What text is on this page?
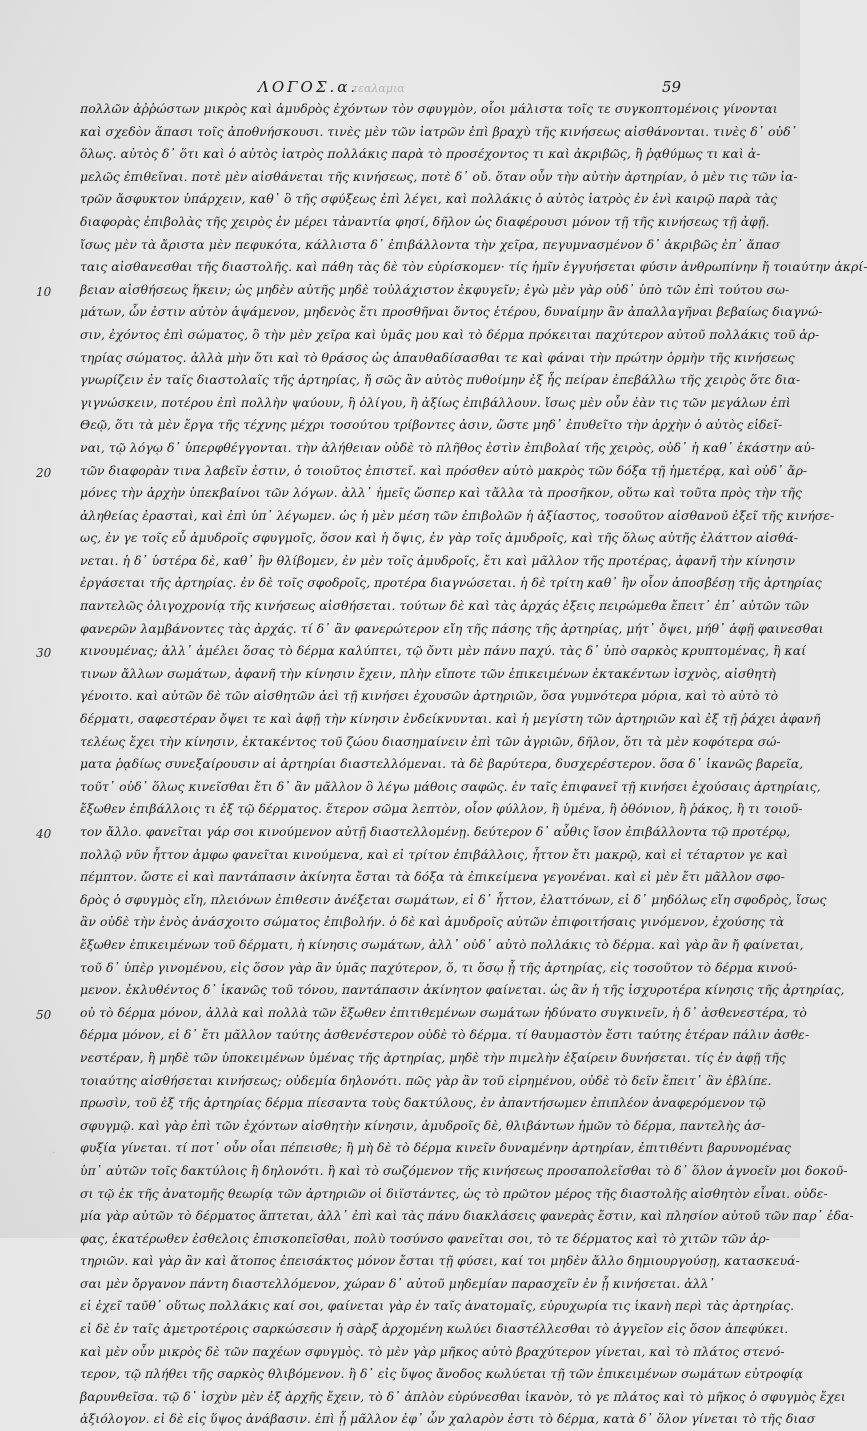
ΛΟΓΟΣ.α.
τεαλαμια	59
10
20
30
40
50
πολλῶν ἀῤῥώστων μικρὸς καὶ ἀμυδρὸς ἐχόντων τὸν σφυγμὸν, οἷοι μάλιστα τοῖς τε συγκοπτομένοις γίνονται
καὶ σχεδὸν ἅπασι τοῖς ἀποθνήσκουσι. τινὲς μὲν τῶν ἰατρῶν ἐπὶ βραχὺ τῆς κινήσεως αἰσθάνονται. τινὲς δ᾽ οὐδ᾽
ὅλως. αὐτὸς δ᾽ ὅτι καὶ ὁ αὐτὸς ἰατρὸς πολλάκις παρὰ τὸ προσέχοντος τι καὶ ἀκριβῶς, ἢ ῥᾳθύμως τι καὶ ἀ-
μελῶς ἐπιθεῖναι. ποτὲ μὲν αἰσθάνεται τῆς κινήσεως, ποτὲ δ᾽ οὔ. ὅταν οὖν τὴν αὐτὴν ἀρτηρίαν, ὁ μὲν τις τῶν ἰα-
τρῶν ἄσφυκτον ὑπάρχειν, καθ᾽ ὃ τῆς σφύξεως ἐπὶ λέγει, καὶ πολλάκις ὁ αὐτὸς ἰατρὸς ἐν ἑνὶ καιρῷ παρὰ τὰς
διαφορὰς ἐπιβολὰς τῆς χειρὸς ἐν μέρει τἀναντία φησί, δῆλον ὡς διαφέρουσι μόνον τῇ τῆς κινήσεως τῇ ἀφῇ.
ἴσως μὲν τὰ ἄριστα μὲν πεφυκότα, κάλλιστα δ᾽ ἐπιβάλλοντα τὴν χεῖρα, πεγυμνασμένον δ᾽ ἀκριβῶς ἐπ᾽ ἄπασ
ταις αἰσθανεσθαι τῆς διαστολῆς. καὶ πάθη τὰς δὲ τὸν εὑρίσκομεν· τίς ἡμῖν ἐγγυήσεται φύσιν ἀνθρωπίνην ἤ τοιαύτην ἀκρί-
βειαν αἰσθήσεως ἥκειν; ὡς μηδὲν αὐτῆς μηδὲ τοὐλάχιστον ἐκφυγεῖν; ἐγὼ μὲν γὰρ οὐδ᾽ ὑπὸ τῶν ἐπὶ τούτου σω-
μάτων, ὧν ἐστιν αὐτὸν ἁψάμενον, μηδενὸς ἔτι προσθῆναι ὄντος ἑτέρου, δυναίμην ἂν ἀπαλλαγῆναι βεβαίως διαγνώ-
σιν, ἐχόντος ἐπὶ σώματος, ὃ τὴν μὲν χεῖρα καὶ ὑμᾶς μου καὶ τὸ δέρμα πρόκειται παχύτερον αὐτοῦ πολλάκις τοῦ ἀρ-
τηρίας σώματος. ἀλλὰ μὴν ὅτι καὶ τὸ θράσος ὡς ἀπαυθαδίσασθαι τε καὶ φάναι τὴν πρώτην ὁρμὴν τῆς κινήσεως
γνωρίζειν ἐν ταῖς διαστολαῖς τῆς ἀρτηρίας, ἤ σῶς ἂν αὐτὸς πυθοίμην ἐξ ἧς πείραν ἐπεβάλλω τῆς χειρὸς ὅτε δια-
γιγνώσκειν, ποτέρου ἐπὶ πολλὴν ψαύουν, ἢ ὀλίγου, ἢ ἀξίως ἐπιβάλλουν. ἴσως μὲν οὖν ἐὰν τις τῶν μεγάλων ἐπὶ
Θεῷ, ὅτι τὰ μὲν ἔργα τῆς τέχνης μέχρι τοσούτου τρίβοντες ἀσιν, ὥστε μηδ᾽ ἐπυθεῖτο τὴν ἀρχὴν ὁ αὐτὸς εἰδεῖ-
ναι, τῷ λόγῳ δ᾽ ὑπερφθέγγονται. τὴν ἀλήθειαν οὐδὲ τὸ πλῆθος ἐστὶν ἐπιβολαί τῆς χειρὸς, οὐδ᾽ ἡ καθ᾽ ἑκάστην αὐ-
τῶν διαφορὰν τινα λαβεῖν ἐστιν, ὁ τοιοῦτος ἐπιστεῖ. καὶ πρόσθεν αὐτὸ μακρὸς τῶν δόξα τῇ ἡμετέρᾳ, καὶ οὐδ᾽ ἄρ-
μόνες τὴν ἀρχὴν ὑπεκβαίνοι τῶν λόγων. ἀλλ᾽ ἡμεῖς ὥσπερ καὶ τἄλλα τὰ προσῆκον, οὕτω καὶ τοῦτα πρὸς τὴν τῆς
ἀληθείας ἐρασταὶ, καὶ ἐπὶ ὑπ᾽ λέγωμεν. ὡς ἡ μὲν μέση τῶν ἐπιβολῶν ἡ ἀξίαστος, τοσοῦτον αἰσθανοῦ ἐξεῖ τῆς κινήσε-
ως, ἐν γε τοῖς εὖ ἀμυδροῖς σφυγμοῖς, ὅσον καὶ ἡ ὄψις, ἐν γὰρ τοῖς ἀμυδροῖς, καὶ τῆς ὅλως αὐτῆς ἐλάττον αἰσθά-
νεται. ἡ δ᾽ ὑστέρα δὲ, καθ᾽ ἣν θλίβομεν, ἐν μὲν τοῖς ἀμυδροῖς, ἔτι καὶ μᾶλλον τῆς προτέρας, ἀφανῆ τὴν κίνησιν
ἐργάσεται τῆς ἀρτηρίας. ἐν δὲ τοῖς σφοδροῖς, προτέρα διαγνώσεται. ἡ δὲ τρίτη καθ᾽ ἣν οἷον ἀποσβέσῃ τῆς ἀρτηρίας
παντελῶς ὀλιγοχρονίᾳ τῆς κινήσεως αἰσθήσεται. τούτων δὲ καὶ τὰς ἀρχάς ἐξεις πειρώμεθα ἔπειτ᾽ ἐπ᾽ αὐτῶν τῶν
φανερῶν λαμβάνοντες τὰς ἀρχάς. τί δ᾽ ἂν φανερώτερον εἴη τῆς πάσης τῆς ἀρτηρίας, μήτ᾽ ὄψει, μήθ᾽ ἁφῇ φαινεσθαι
κινουμένας; ἀλλ᾽ ἀμέλει ὅσας τὸ δέρμα καλύπτει, τῷ ὄντι μὲν πάνυ παχύ. τὰς δ᾽ ὑπὸ σαρκὸς κρυπτομένας, ἢ καί
τινων ἄλλων σωμάτων, ἀφανῆ τὴν κίνησιν ἔχειν, πλὴν εἴποτε τῶν ἐπικειμένων ἐκτακέντων ἰσχνὸς, αἰσθητὴ
γένοιτο. καὶ αὐτῶν δὲ τῶν αἰσθητῶν ἀεὶ τῇ κινήσει ἐχουσῶν ἀρτηριῶν, ὅσα γυμνότερα μόρια, καὶ τὸ αὐτὸ τὸ
δέρματι, σαφεστέραν ὄψει τε καὶ ἁφῇ τὴν κίνησιν ἐνδείκνυνται. καὶ ἡ μεγίστη τῶν ἀρτηριῶν καὶ ἐξ τῇ ῥάχει ἀφανῆ
τελέως ἔχει τὴν κίνησιν, ἐκτακέντος τοῦ ζώου διασημαίνειν ἐπὶ τῶν ἀγριῶν, δῆλον, ὅτι τὰ μὲν κοφότερα σώ-
ματα ῥᾳδίως συνεξαίρουσιν αἱ ἀρτηρίαι διαστελλόμεναι. τὰ δὲ βαρύτερα, δυσχερέστερον. ὅσα δ᾽ ἱκανῶς βαρεῖα,
τοῦτ᾽ οὐδ᾽ ὅλως κινεῖσθαι ἔτι δ᾽ ἂν μᾶλλον ὃ λέγω μάθοις σαφῶς. ἐν ταῖς ἐπιφανεῖ τῇ κινήσει ἐχούσαις ἀρτηρίαις,
ἔξωθεν ἐπιβάλλοις τι ἐξ τῷ δέρματος. ἕτερον σῶμα λεπτὸν, οἷον φύλλον, ἢ ὑμένα, ἢ ὀθόνιον, ἢ ῥάκος, ἢ τι τοιοῦ-
τον ἄλλο. φανεῖται γάρ σοι κινούμενον αὐτῇ διαστελλομένῃ. δεύτερον δ᾽ αὖθις ἴσον ἐπιβάλλοντα τῷ προτέρῳ,
πολλῷ νῦν ἧττον ἀμφω φανεῖται κινούμενα, καὶ εἰ τρίτον ἐπιβάλλοις, ἧττον ἔτι μακρῷ, καὶ εἰ τέταρτον γε καὶ
πέμπτον. ὥστε εἰ καὶ παντάπασιν ἀκίνητα ἔσται τὰ δόξα τὰ ἐπικείμενα γεγονέναι. καὶ εἰ μὲν ἔτι μᾶλλον σφο-
δρὸς ὁ σφυγμὸς εἴη, πλειόνων ἐπιθεσιν ἀνέξεται σωμάτων, εἰ δ᾽ ἧττον, ἐλαττόνων, εἰ δ᾽ μηδόλως εἴη σφοδρὸς, ἴσως
ἂν οὐδὲ τὴν ἑνὸς ἀνάσχοιτο σώματος ἐπιβολήν. ὁ δὲ καὶ ἀμυδροῖς αὐτῶν ἐπιφοιτήσαις γινόμενον, ἐχούσης τὰ
ἔξωθεν ἐπικειμένων τοῦ δέρματι, ἡ κίνησις σωμάτων, ἀλλ᾽ οὐδ᾽ αὐτὸ πολλάκις τὸ δέρμα. καὶ γὰρ ἂν ἤ φαίνεται,
τοῦ δ᾽ ὑπὲρ γινομένου, εἰς ὅσον γὰρ ἂν ὑμᾶς παχύτερον, ὅ, τι ὅσῳ ᾖ τῆς ἀρτηρίας, εἰς τοσοῦτον τὸ δέρμα κινού-
μενον. ἐκλυθέντος δ᾽ ἱκανῶς τοῦ τόνου, παντάπασιν ἀκίνητον φαίνεται. ὡς ἂν ἡ τῆς ἰσχυροτέρα κίνησις τῆς ἀρτηρίας,
οὐ τὸ δέρμα μόνον, ἀλλὰ καὶ πολλὰ τῶν ἔξωθεν ἐπιτιθεμένων σωμάτων ἠδύνατο συγκινεῖν, ἡ δ᾽ ἀσθενεστέρα, τὸ
δέρμα μόνον, εἰ δ᾽ ἔτι μᾶλλον ταύτης ἀσθενέστερον οὐδὲ τὸ δέρμα. τί θαυμαστὸν ἔστι ταύτης ἑτέραν πάλιν ἀσθε-
νεστέραν, ἢ μηδὲ τῶν ὑποκειμένων ὑμένας τῆς ἀρτηρίας, μηδὲ τὴν πιμελὴν ἐξαίρειν δυνήσεται. τίς ἐν ἁφῇ τῆς
τοιαύτης αἰσθήσεται κινήσεως; οὐδεμία δηλονότι. πῶς γὰρ ἂν τοῦ εἰρημένου, οὐδὲ τὸ δεῖν ἔπειτ᾽ ἂν ἐβλίπε.
πρωσὶν, τοῦ ἐξ τῆς ἀρτηρίας δέρμα πίεσαντα τοὺς δακτύλους, ἐν ἀπαντήσωμεν ἐπιπλέον ἀναφερόμενον τῷ
σφυγμῷ. καὶ γὰρ ἐπὶ τῶν ἐχόντων αἰσθητὴν κίνησιν, ἀμυδροῖς δὲ, θλιβάντων ἡμῶν τὸ δέρμα, παντελὴς ἀσ-
φυξία γίνεται. τί ποτ᾽ οὖν οἷαι πέπεισθε; ἢ μὴ δὲ τὸ δέρμα κινεῖν δυναμένην ἀρτηρίαν, ἐπιτιθέντι βαρυνομένας
ὑπ᾽ αὐτῶν τοῖς δακτύλοις ἢ δηλονότι. ἢ καὶ τὸ σωζόμενον τῆς κινήσεως προσαπολεῖσθαι τὸ δ᾽ ὅλον ἀγνοεῖν μοι δοκοῦ-
σι τῷ ἐκ τῆς ἀνατομῆς θεωρίᾳ τῶν ἀρτηριῶν οἱ διϊστάντες, ὡς τὸ πρῶτον μέρος τῆς διαστολῆς αἰσθητὸν εἶναι. οὐδε-
μία γὰρ αὐτῶν τὸ δέρματος ἅπτεται, ἀλλ᾽ ἐπὶ καὶ τὰς πάνυ διακλάσεις φανερὰς ἔστιν, καὶ πλησίον αὐτοῦ τῶν παρ᾽ ἐδα-
φας, ἑκατέρωθεν ἐσθελοις ἐπισκοπεῖσθαι, πολὺ τοσύνσο φανεῖται σοι, τὸ τε δέρματος καὶ τὸ χιτῶν τῶν ἀρ-
τηριῶν. καὶ γὰρ ἂν καὶ ἄτοπος ἐπεισάκτος μόνον ἔσται τῇ φύσει, καί τοι μηδὲν ἄλλο δημιουργούσῃ, κατασκευά-
σαι μὲν ὄργανον πάντη διαστελλόμενον, χώραν δ᾽ αὐτοῦ μηδεμίαν παρασχεῖν ἐν ᾗ κινήσεται. ἀλλ᾽
εἰ ἐχεῖ ταῦθ᾽ οὕτως πολλάκις καί σοι, φαίνεται γὰρ ἐν ταῖς ἀνατομαῖς, εὐρυχωρία τις ἱκανὴ περὶ τὰς ἀρτηρίας.
εἰ δὲ ἐν ταῖς ἀμετροτέροις σαρκώσεσιν ἡ σὰρξ ἀρχομένη κωλύει διαστέλλεσθαι τὸ ἀγγεῖον εἰς ὅσον ἀπεφύκει.
καὶ μὲν οὖν μικρὸς δὲ τῶν παχέων σφυγμὸς. τὸ μὲν γὰρ μῆκος αὐτὸ βραχύτερον γίνεται, καὶ τὸ πλάτος στενό-
τερον, τῷ πλήθει τῆς σαρκὸς θλιβόμενον. ἢ δ᾽ εἰς ὕψος ἄνοδος κωλύεται τῇ τῶν ἐπικειμένων σωμάτων εὐτροφίᾳ
βαρυνθεῖσα. τῷ δ᾽ ἰσχὺν μὲν ἐξ ἀρχῆς ἔχειν, τὸ δ᾽ ἀπλὸν εὐρύνεσθαι ἱκανὸν, τὸ γε πλάτος καὶ τὸ μῆκος ὁ σφυγμὸς ἔχει
ἀξιόλογον. εἰ δὲ εἰς ὕψος ἀνάβασιν. ἐπὶ ᾗ μᾶλλον ἐφ᾽ ὧν χαλαρὸν ἐστι τὸ δέρμα, κατὰ δ᾽ ὅλον γίνεται τὸ τῆς διασ
·
